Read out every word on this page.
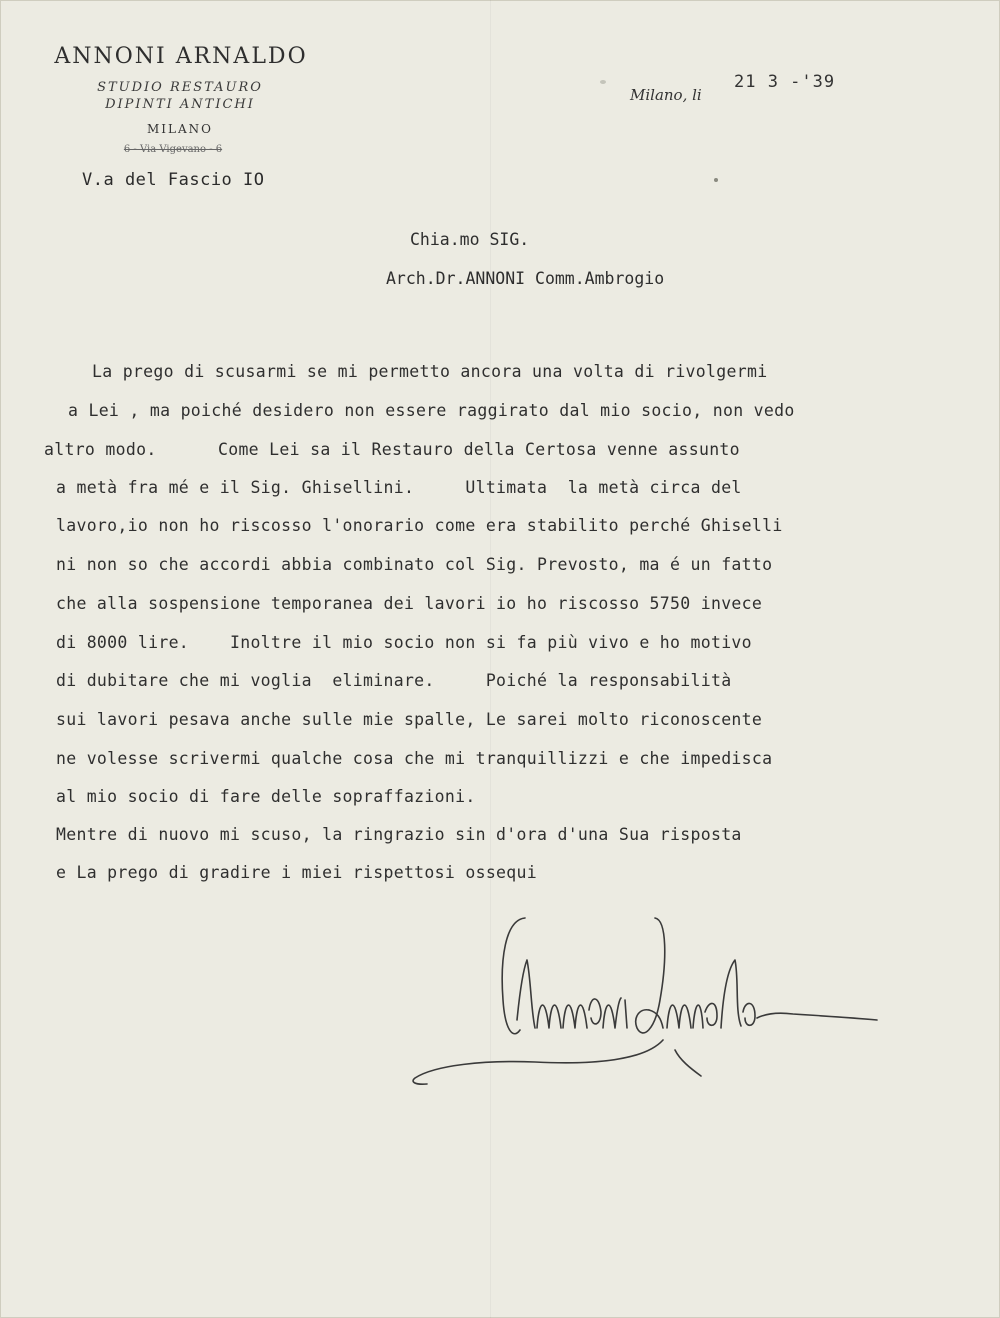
ANNONI ARNALDO
STUDIO RESTAURO
DIPINTI ANTICHI
MILANO
6 - Via Vigevano - 6
V.a del Fascio IO
Milano, li
21 3 -'39
Chia.mo SIG.
Arch.Dr.ANNONI Comm.Ambrogio
La prego di scusarmi se mi permetto ancora una volta di rivolgermi
a Lei , ma poiché desidero non essere raggirato dal mio socio, non vedo
altro modo.      Come Lei sa il Restauro della Certosa venne assunto
a metà fra mé e il Sig. Ghisellini.     Ultimata  la metà circa del
lavoro,io non ho riscosso l'onorario come era stabilito perché Ghiselli
ni non so che accordi abbia combinato col Sig. Prevosto, ma é un fatto
che alla sospensione temporanea dei lavori io ho riscosso 5750 invece
di 8000 lire.    Inoltre il mio socio non si fa più vivo e ho motivo
di dubitare che mi voglia  eliminare.     Poiché la responsabilità
sui lavori pesava anche sulle mie spalle, Le sarei molto riconoscente
ne volesse scrivermi qualche cosa che mi tranquillizzi e che impedisca
al mio socio di fare delle sopraffazioni.
Mentre di nuovo mi scuso, la ringrazio sin d'ora d'una Sua risposta
e La prego di gradire i miei rispettosi ossequi
